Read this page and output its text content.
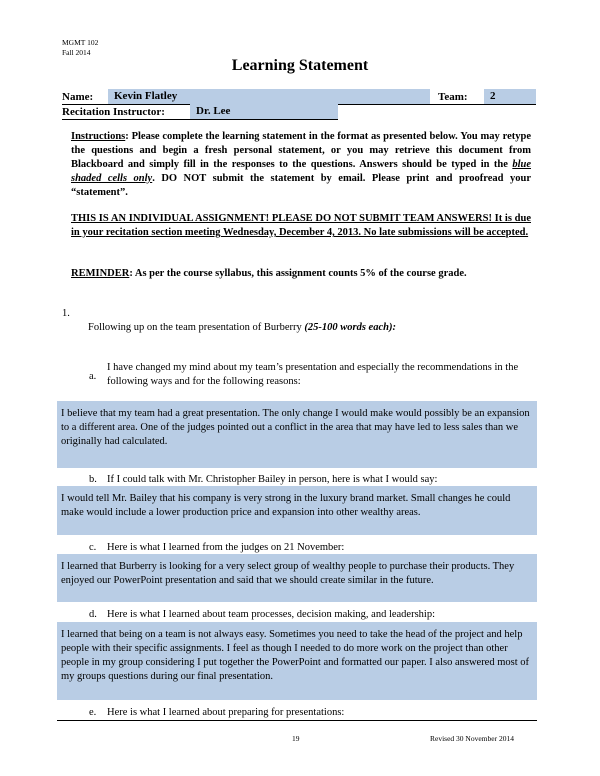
MGMT 102
Fall 2014
Learning Statement
Name:	Kevin Flatley	Team:	2
Recitation Instructor:	Dr. Lee
Instructions: Please complete the learning statement in the format as presented below. You may retype the questions and begin a fresh personal statement, or you may retrieve this document from Blackboard and simply fill in the responses to the questions. Answers should be typed in the blue shaded cells only. DO NOT submit the statement by email. Please print and proofread your “statement”.
THIS IS AN INDIVIDUAL ASSIGNMENT! PLEASE DO NOT SUBMIT TEAM ANSWERS! It is due in your recitation section meeting Wednesday, December 4, 2013. No late submissions will be accepted.
REMINDER: As per the course syllabus, this assignment counts 5% of the course grade.
1.
Following up on the team presentation of Burberry (25-100 words each):
a.
I have changed my mind about my team’s presentation and especially the recommendations in the following ways and for the following reasons:
I believe that my team had a great presentation. The only change I would make would possibly be an expansion to a different area. One of the judges pointed out a conflict in the area that may have led to less sales than we originally had calculated.
b. If I could talk with Mr. Christopher Bailey in person, here is what I would say:
I would tell Mr. Bailey that his company is very strong in the luxury brand market. Small changes he could make would include a lower production price and expansion into other wealthy areas.
c. Here is what I learned from the judges on 21 November:
I learned that Burberry is looking for a very select group of wealthy people to purchase their products. They enjoyed our PowerPoint presentation and said that we should create similar in the future.
d. Here is what I learned about team processes, decision making, and leadership:
I learned that being on a team is not always easy. Sometimes you need to take the head of the project and help people with their specific assignments. I feel as though I needed to do more work on the project than other people in my group considering I put together the PowerPoint and formatted our paper. I also answered most of my groups questions during our final presentation.
e. Here is what I learned about preparing for presentations:
19	Revised 30 November 2014
